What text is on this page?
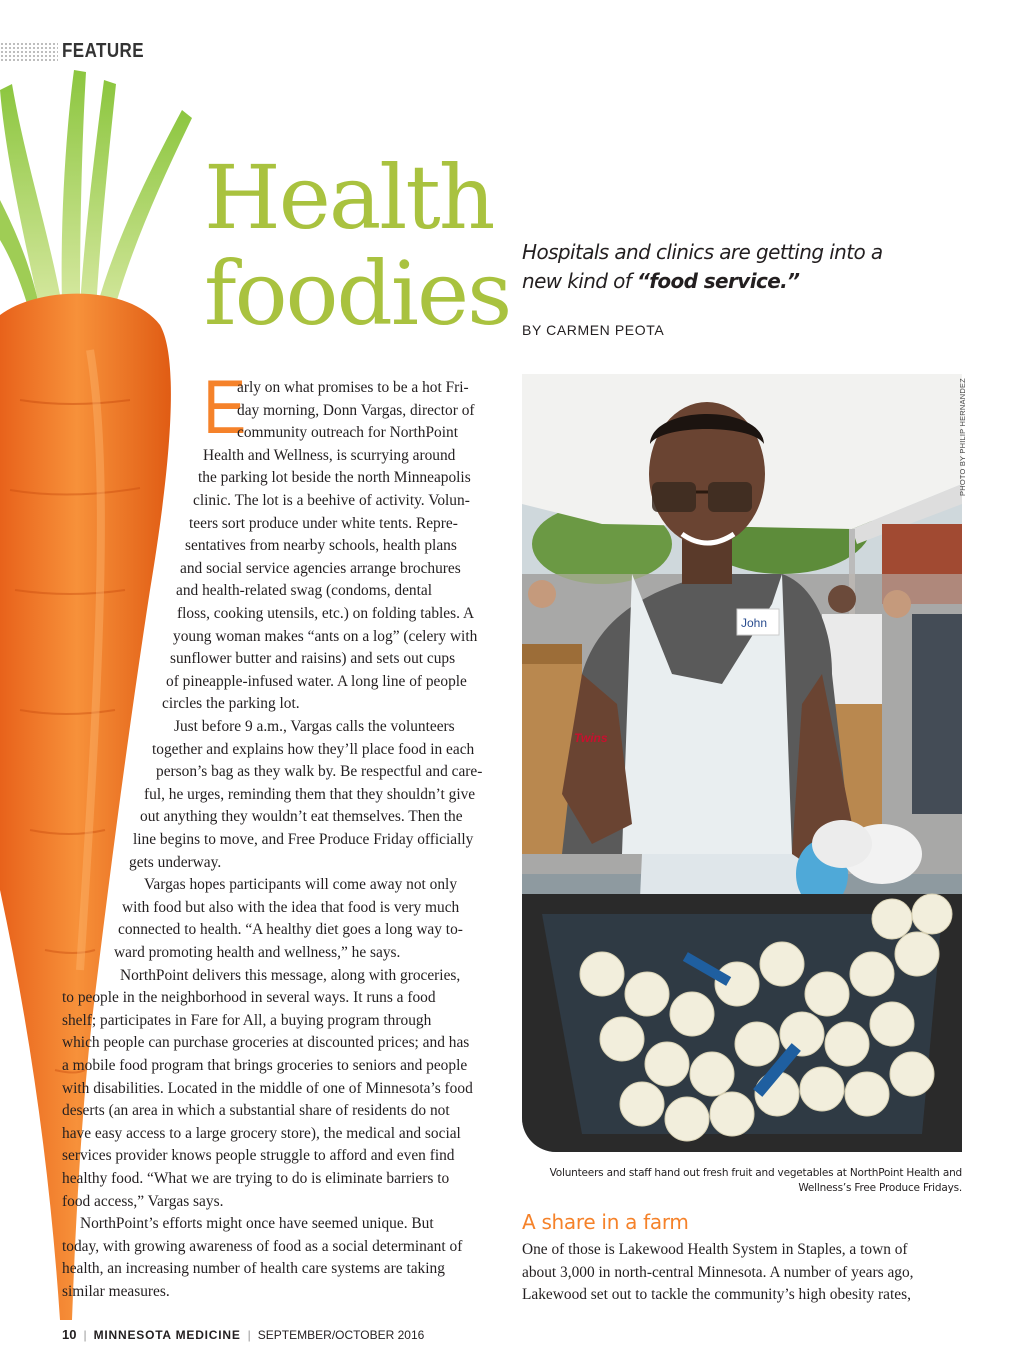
FEATURE
Health
foodies Hospitals and clinics are getting into a
new kind of “food service.”
BY CARMEN PEOTA
E
arly on what promises to be a hot Fri-
day morning, Donn Vargas, director of
community outreach for NorthPoint
Health and Wellness, is scurrying around
the parking lot beside the north Minneapolis
clinic. The lot is a beehive of activity. Volun-
teers sort produce under white tents. Repre-
sentatives from nearby schools, health plans
and social service agencies arrange brochures
and health-related swag (condoms, dental
floss, cooking utensils, etc.) on folding tables. A
young woman makes “ants on a log” (celery with
sunflower butter and raisins) and sets out cups
of pineapple-infused water. A long line of people
circles the parking lot.
Just before 9 a.m., Vargas calls the volunteers
together and explains how they’ll place food in each
person’s bag as they walk by. Be respectful and care-
ful, he urges, reminding them that they shouldn’t give
out anything they wouldn’t eat themselves. Then the
line begins to move, and Free Produce Friday officially
gets underway.
Vargas hopes participants will come away not only
with food but also with the idea that food is very much
connected to health. “A healthy diet goes a long way to-
ward promoting health and wellness,” he says.
NorthPoint delivers this message, along with groceries,
to people in the neighborhood in several ways. It runs a food
shelf; participates in Fare for All, a buying program through
which people can purchase groceries at discounted prices; and has
a mobile food program that brings groceries to seniors and people
with disabilities. Located in the middle of one of Minnesota’s food
deserts (an area in which a substantial share of residents do not
have easy access to a large grocery store), the medical and social
services provider knows people struggle to afford and even find
healthy food. “What we are trying to do is eliminate barriers to
food access,” Vargas says.
NorthPoint’s efforts might once have seemed unique. But
today, with growing awareness of food as a social determinant of
health, an increasing number of health care systems are taking
similar measures.
John
Twins
PHOTO BY PHILIP HERNANDEZ
Volunteers and staff hand out fresh fruit and vegetables at NorthPoint Health and
Wellness’s Free Produce Fridays.
A share in a farm
One of those is Lakewood Health System in Staples, a town of
about 3,000 in north-central Minnesota. A number of years ago,
Lakewood set out to tackle the community’s high obesity rates,
10 | MINNESOTA MEDICINE | SEPTEMBER/OCTOBER 2016
